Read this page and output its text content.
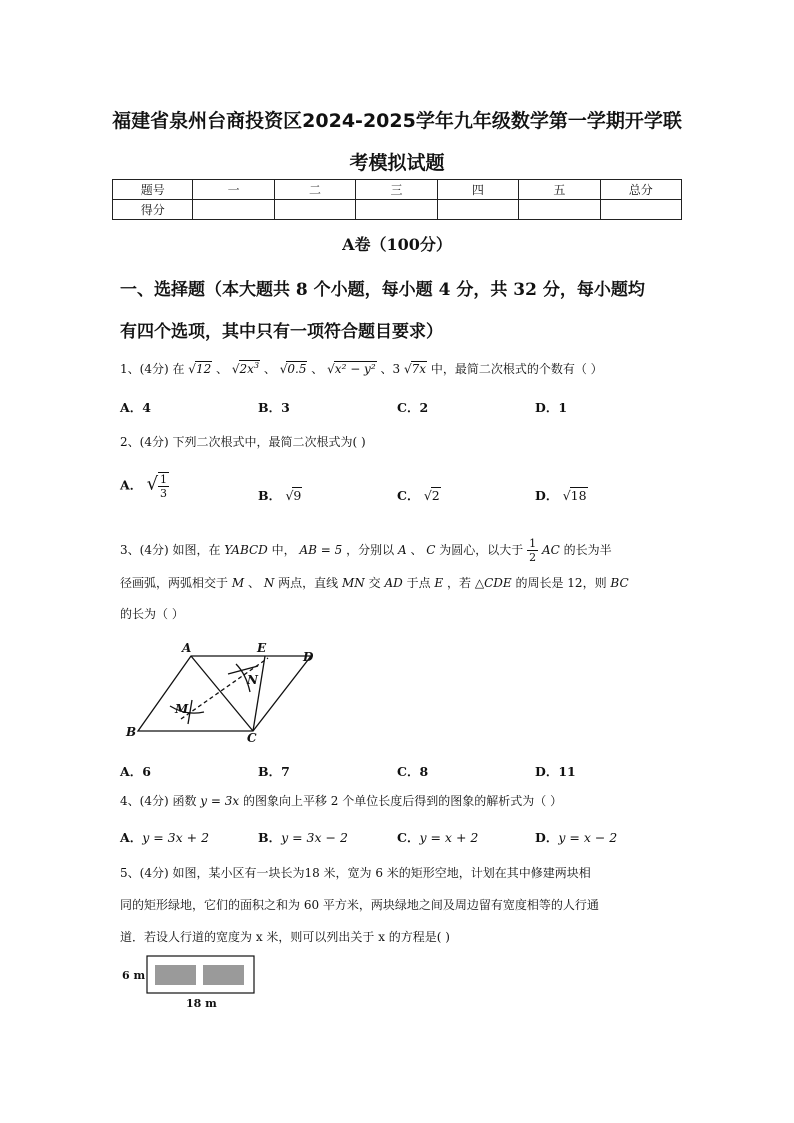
福建省泉州台商投资区2024-2025学年九年级数学第一学期开学联
考模拟试题
题号	一	二	三	四	五	总分
得分						
A卷（100分）
一、选择题（本大题共 8 个小题，每小题 4 分，共 32 分，每小题均
有四个选项，其中只有一项符合题目要求）
1、(4分) 在 √12 、 $√2x^3$ 、 √0.5 、 √x² − y² 、3 √7x 中，最简二次根式的个数有（ ）
A．4	B．3	C．2	D．1
2、(4分) 下列二次根式中，最简二次根式为( )
A． √ $\frac{1}{3}$	B． √9	C． √2	D． √18
3、(4分) 如图，在 YABCD 中， AB = 5 ，分别以 A 、 C 为圆心，以大于 $\frac{1}{2}$ AC 的长为半
径画弧，两弧相交于 M 、 N 两点，直线 MN 交 AD 于点 E ，若 △CDE 的周长是 12，则 BC
的长为（ ）
A	E
D
N
M
B	C
A．6	B．7	C．8	D．11
4、(4分) 函数 y = 3x 的图象向上平移 2 个单位长度后得到的图象的解析式为（ ）
A．y = 3x + 2	B．y = 3x − 2	C．y = x + 2	D．y = x − 2
5、(4分) 如图，某小区有一块长为18 米，宽为 6 米的矩形空地，计划在其中修建两块相
同的矩形绿地，它们的面积之和为 60 平方米，两块绿地之间及周边留有宽度相等的人行通
道．若设人行道的宽度为 x 米，则可以列出关于 x 的方程是( )
6 m
18 m
